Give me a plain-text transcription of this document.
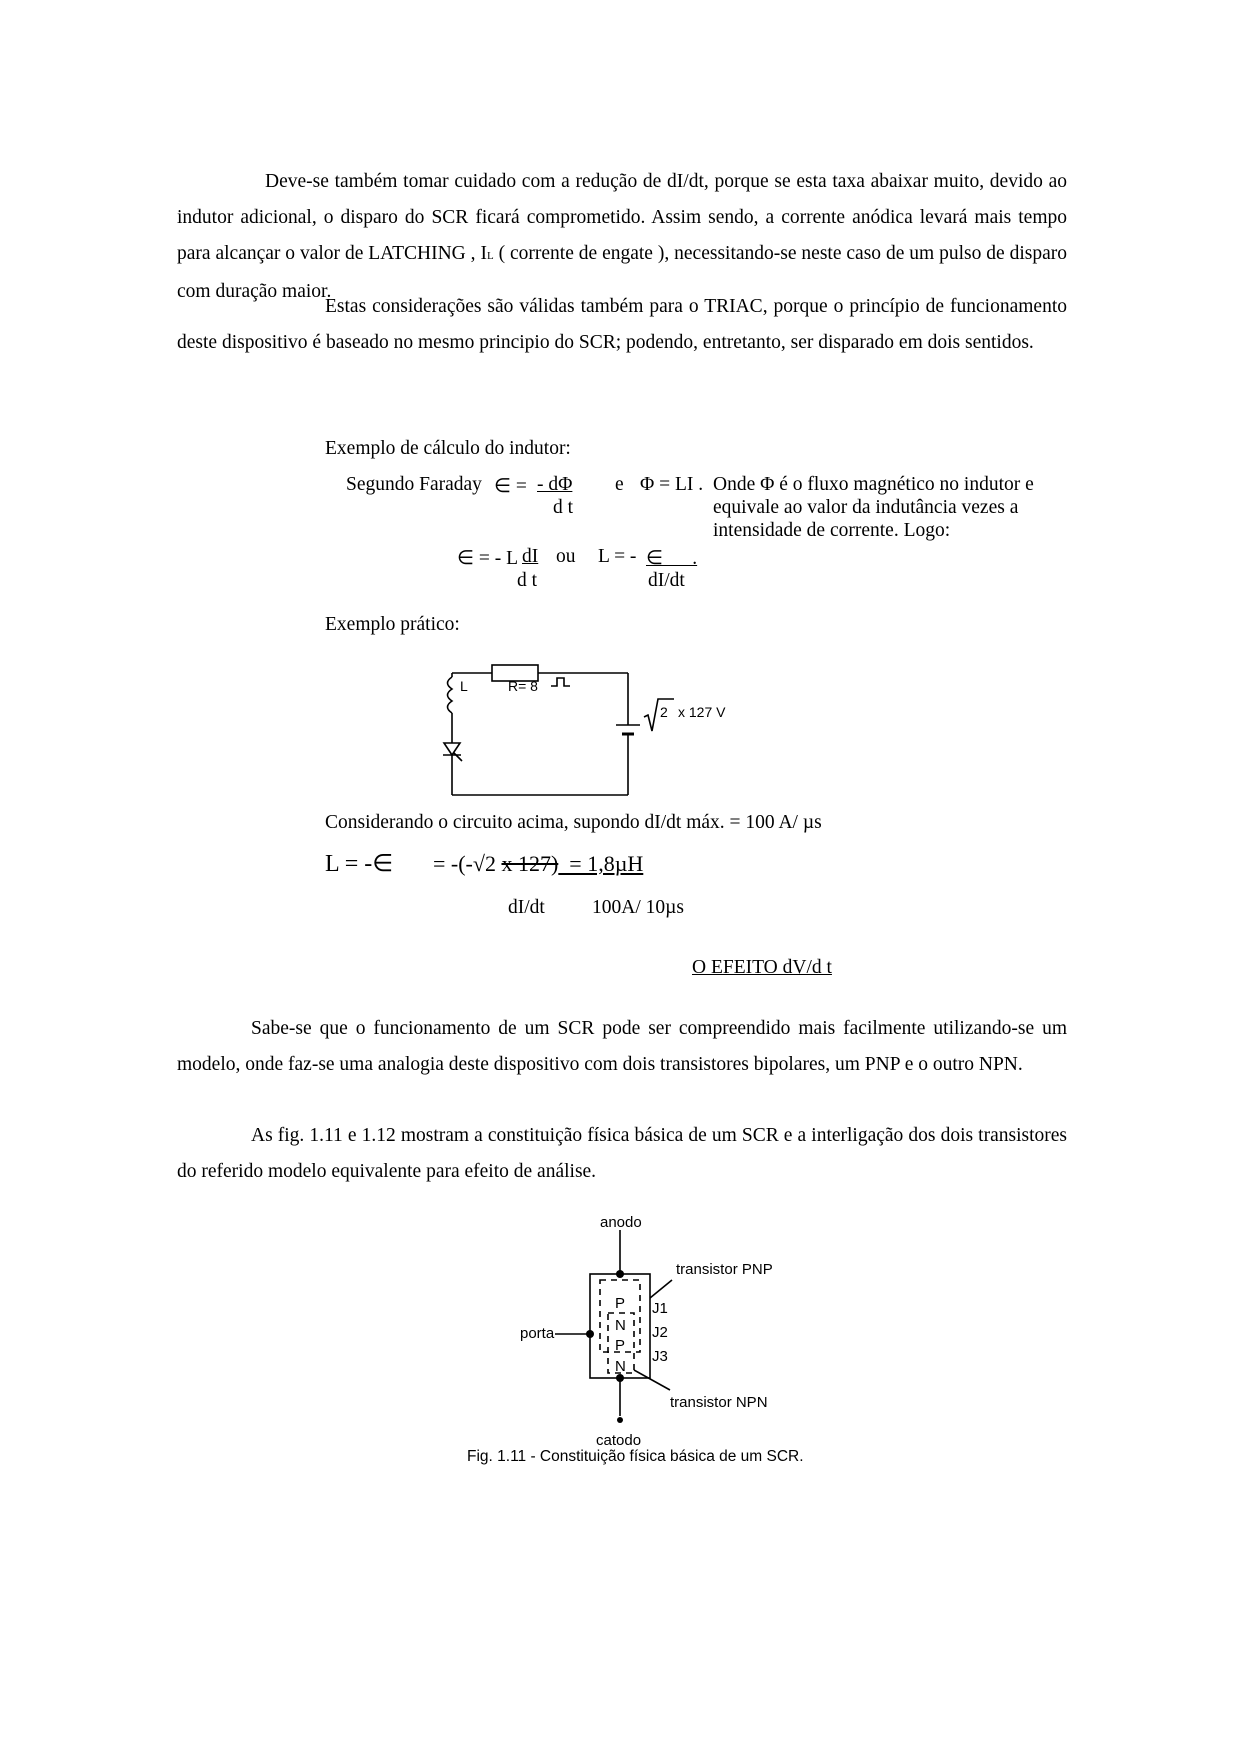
Deve-se também tomar cuidado com a redução de dI/dt, porque se esta taxa abaixar muito, devido ao indutor adicional, o disparo do SCR ficará comprometido. Assim sendo, a corrente anódica levará mais tempo para alcançar o valor de LATCHING , IL ( corrente de engate ), necessitando-se neste caso de um pulso de disparo com duração maior.

Estas considerações são válidas também para o TRIAC, porque o princípio de funcionamento deste dispositivo é baseado no mesmo principio do SCR; podendo, entretanto, ser disparado em dois sentidos.

Exemplo de cálculo do indutor:
Segundo Faraday ∈ = - dΦ
d t
e Φ = LI . Onde Φ é o fluxo magnético no indutor e
equivale ao valor da indutância vezes a
intensidade de corrente. Logo:
∈ = - L dI
d t
ou L = - ∈      .
dI/dt
Exemplo prático:
L	R= 8
2 x 127 V
Considerando o circuito acima, supondo dI/dt máx. = 100 A/ µs
L = -∈ = -(-√2 x 127)  = 1,8µH
dI/dt 100A/ 10µs
O EFEITO dV/d t

Sabe-se que o funcionamento de um SCR pode ser compreendido mais facilmente utilizando-se um modelo, onde faz-se uma analogia deste dispositivo com dois transistores bipolares, um PNP e o outro NPN.

As fig. 1.11 e 1.12 mostram a constituição física básica de um SCR e a interligação dos dois transistores do referido modelo equivalente para efeito de análise.

anodo
transistor PNP
porta
P
N
P
N
J1
J2
J3
transistor NPN
catodo
Fig. 1.11 - Constituição física básica de um SCR.
